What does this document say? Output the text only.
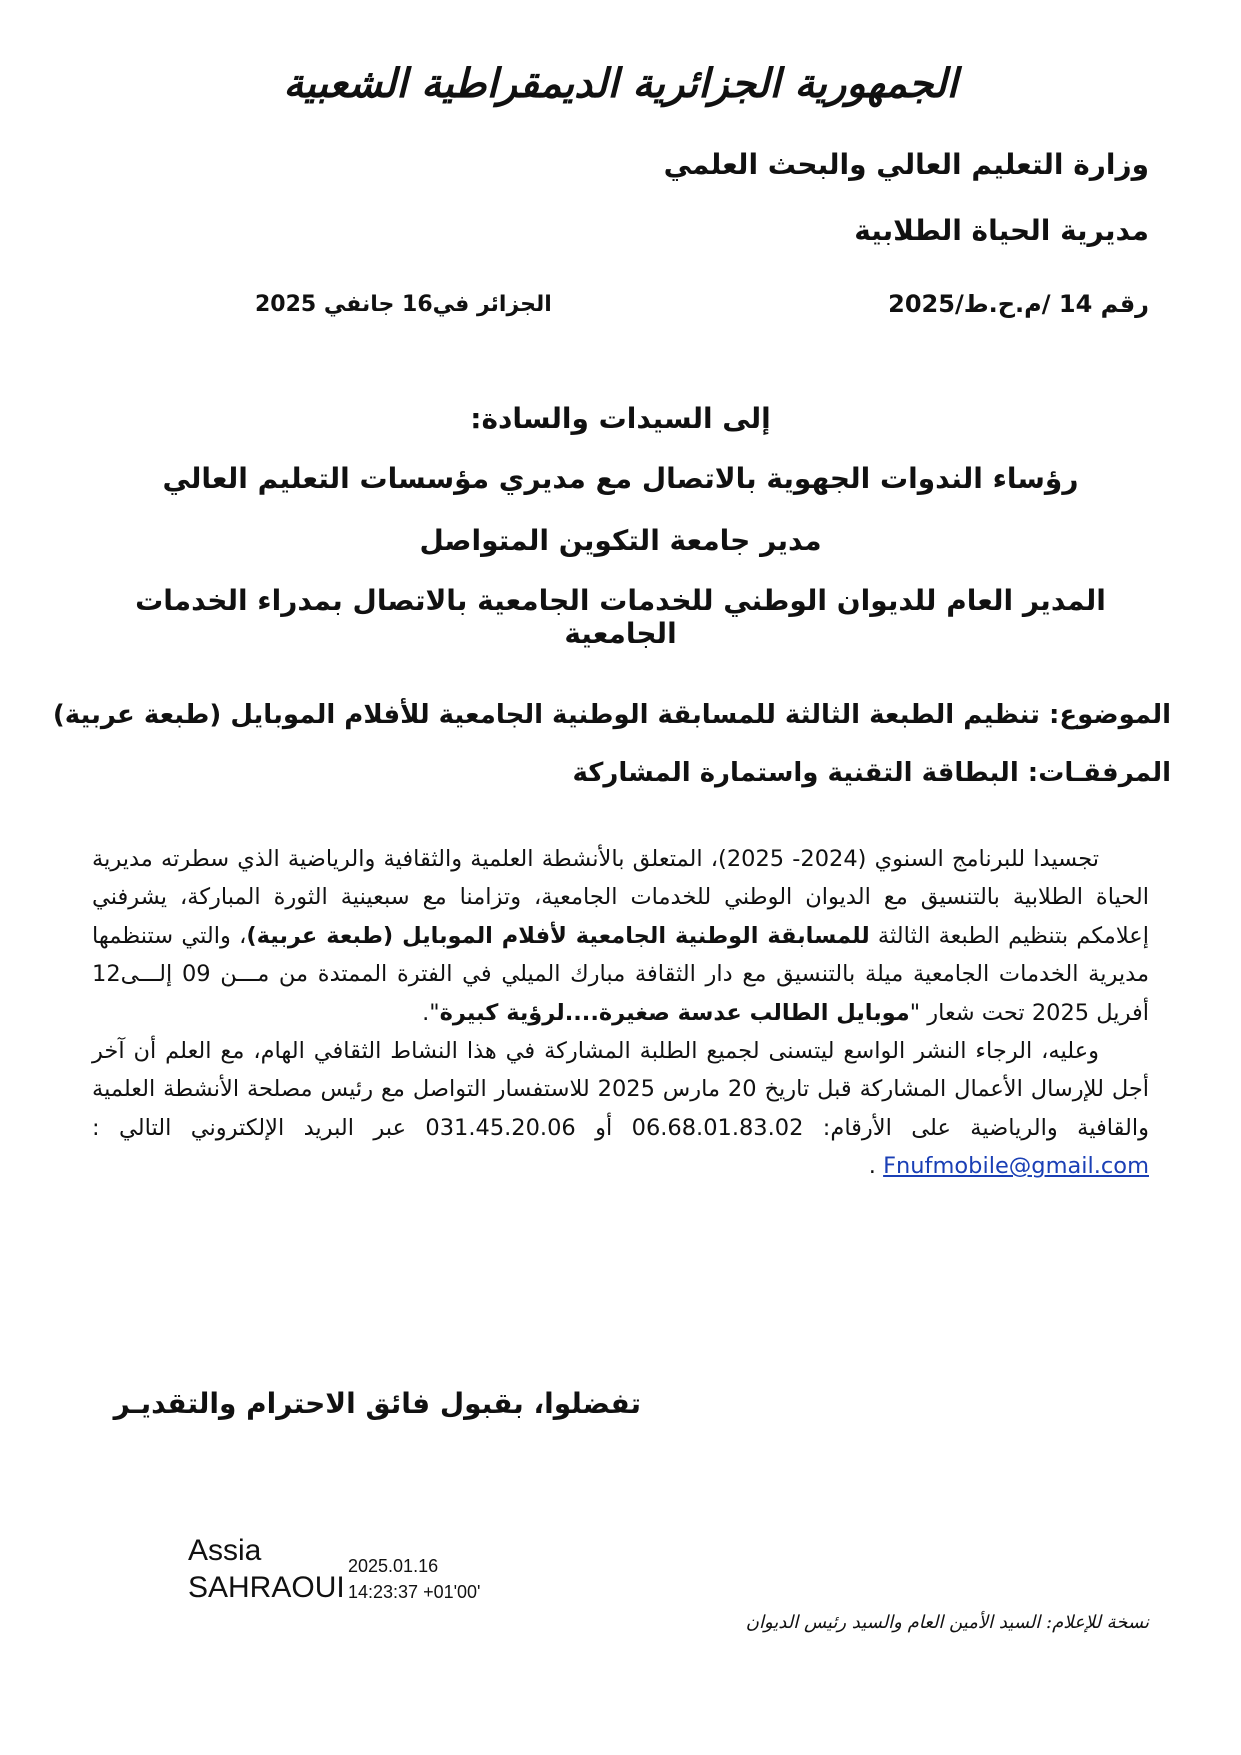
الجمهورية الجزائرية الديمقراطية الشعبية
وزارة التعليم العالي والبحث العلمي
مديرية الحياة الطلابية
رقم 14 /م.ح.ط/2025
الجزائر في16 جانفي 2025
إلى السيدات والسادة:
رؤساء الندوات الجهوية بالاتصال مع مديري مؤسسات التعليم العالي
مدير جامعة التكوين المتواصل
المدير العام للديوان الوطني للخدمات الجامعية بالاتصال بمدراء الخدمات الجامعية
الموضوع: تنظيم الطبعة الثالثة للمسابقة الوطنية الجامعية للأفلام الموبايل (طبعة عربية)
المرفقـات: البطاقة التقنية واستمارة المشاركة

تجسيدا للبرنامج السنوي (2024- 2025)، المتعلق بالأنشطة العلمية والثقافية والرياضية الذي سطرته مديرية الحياة الطلابية بالتنسيق مع الديوان الوطني للخدمات الجامعية، وتزامنا مع سبعينية الثورة المباركة، يشرفني إعلامكم بتنظيم الطبعة الثالثة للمسابقة الوطنية الجامعية لأفلام الموبايل (طبعة عربية)، والتي ستنظمها مديرية الخدمات الجامعية ميلة بالتنسيق مع دار الثقافة مبارك الميلي في الفترة الممتدة من مـــن 09 إلـــى12 أفريل 2025 تحت شعار "موبايل الطالب عدسة صغيرة....لرؤية كبيرة".

وعليه، الرجاء النشر الواسع ليتسنى لجميع الطلبة المشاركة في هذا النشاط الثقافي الهام، مع العلم أن آخر أجل للإرسال الأعمال المشاركة قبل تاريخ 20 مارس 2025 للاستفسار التواصل مع رئيس مصلحة الأنشطة العلمية والقافية والرياضية على الأرقام: 06.68.01.83.02 أو 031.45.20.06 عبر البريد الإلكتروني التالي : Fnufmobile@gmail.com .

تفضلوا، بقبول فائق الاحترام والتقديـر
Assia
SAHRAOUI
2025.01.16
14:23:37 +01'00'
نسخة للإعلام: السيد الأمين العام والسيد رئيس الديوان
